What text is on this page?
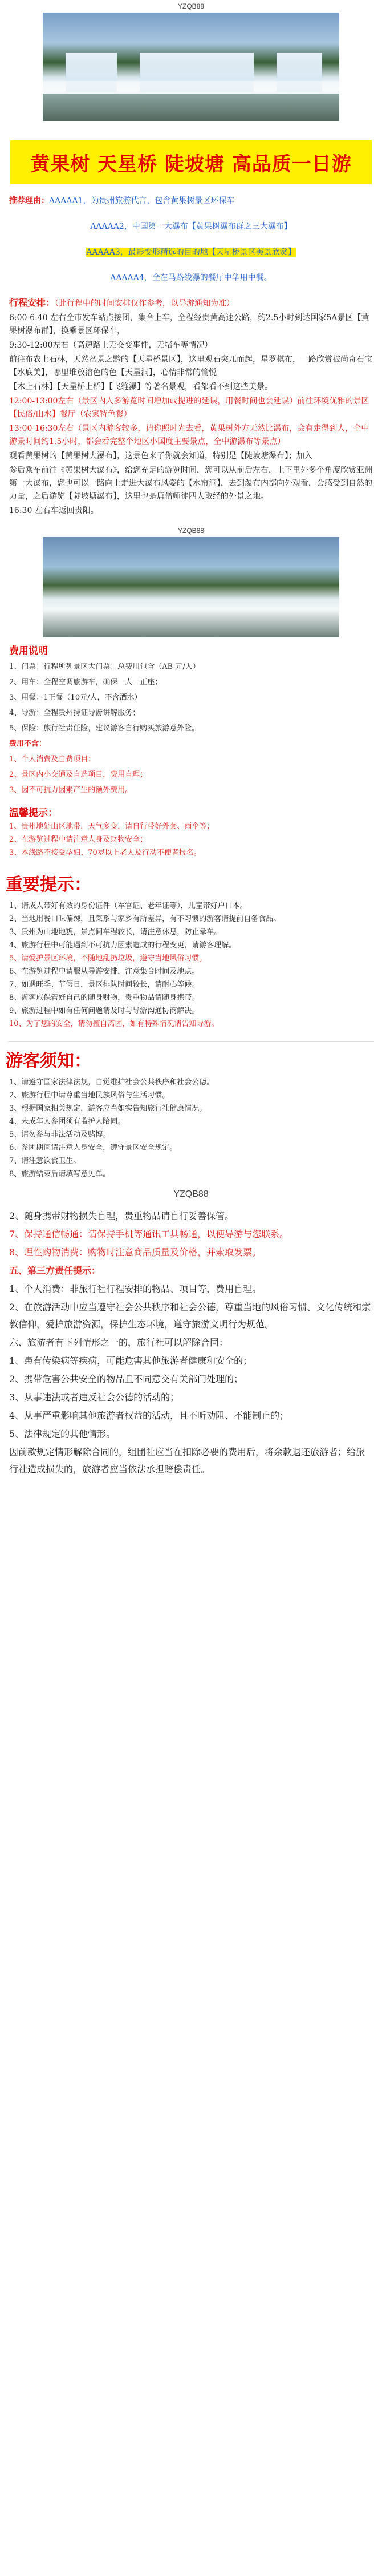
YZQB88
黄果树 天星桥 陡坡塘 高品质一日游
推荐理由：AAAAA1，为贵州旅游代言，包含黄果树景区环保车
AAAAA2，中国第一大瀑布【黄果树瀑布群之三大瀑布】
AAAAA3，最影变形精选的目的地【天星桥景区美景欣赏】
AAAAA4，全在马路线瀑的餐厅中华用中餐。
行程安排：（此行程中的时间安排仅作参考，以导游通知为准）
6:00-6:40 左右全市发车站点接团，集合上车，全程经贵黄高速公路，约2.5小时到达国家5A景区【黄果树瀑布群】，换乘景区环保车，
9:30-12:00左右（高速路上无交变事件，无堵车等情况）
前往布农上石林，天然盆景之黔的【天星桥景区】，这里观石突兀而起，星罗棋布，一路欣赏被尚奇石宝【水底美】，哪里堆放溶色的色【天星洞】，心情非常的愉悦
【木上石林】【天星桥上桥】【飞缝瀑】等著名景观，看都看不到这些美景。
12:00-13:00左右（景区内人多游览时间增加或提进的延误，用餐时间也会延误）前往环境优雅的景区【民俗/山水】餐厅（农家特色餐）
13:00-16:30左右（景区内游客较多，请你照时光去看，黄果树外方无然比瀑布，会有走得到人，全中游景时间约1.5小时，都会看完整个地区小国度主要景点，全中游瀑布等景点）
观看黄果树的【黄果树大瀑布】，这景色来了你就会知道，特别是【陡坡塘瀑布】；加入
参后乘车前往《黄果树大瀑布》，给您充足的游览时间，您可以从前后左右，上下里外多个角度欣赏亚洲第一大瀑布，您也可以一路向上走进大瀑布风姿的【水帘洞】，去到瀑布内部向外观看，会感受到自然的力量，之后游览【陡坡塘瀑布】，这里也是唐僧师徒四人取经的外景之地。
16:30 左右车返回贵阳。
YZQB88
费用说明
1、门票：行程所列景区大门票：总费用包含（AB 元/人）
2、用车：全程空调旅游车，确保一人一正座；
3、用餐：1正餐（10元/人，不含酒水）
4、导游：全程贵州持证导游讲解服务；
5、保险：旅行社责任险，建议游客自行购买旅游意外险。
费用不含：
1、个人消费及自费项目；
2、景区内小交通及自选项目，费用自理；
3、因不可抗力因素产生的额外费用。
温馨提示：
1、贵州地处山区地带，天气多变，请自行带好外套、雨伞等；
2、在游览过程中请注意人身及财物安全；
3、本线路不接受孕妇、70岁以上老人及行动不便者报名。
重要提示：
1、请成人带好有效的身份证件（军官证、老年证等），儿童带好户口本。
2、当地用餐口味偏辣，且菜系与家乡有所差异，有不习惯的游客请提前自备食品。
3、贵州为山地地貌，景点间车程较长，请注意休息，防止晕车。
4、旅游行程中可能遇到不可抗力因素造成的行程变更，请游客理解。
5、请爱护景区环境，不随地乱扔垃圾，遵守当地风俗习惯。
6、在游览过程中请服从导游安排，注意集合时间及地点。
7、如遇旺季、节假日，景区排队时间较长，请耐心等候。
8、游客应保管好自己的随身财物，贵重物品请随身携带。
9、旅游过程中如有任何问题请及时与导游沟通协商解决。
10、为了您的安全，请勿擅自离团，如有特殊情况请告知导游。
游客须知：
1、请遵守国家法律法规，自觉维护社会公共秩序和社会公德。
2、旅游行程中请尊重当地民族风俗与生活习惯。
3、根据国家相关规定，游客应当如实告知旅行社健康情况。
4、未成年人参团须有监护人陪同。
5、请勿参与非法活动及赌博。
6、参团期间请注意人身安全，遵守景区安全规定。
7、请注意饮食卫生。
8、旅游结束后请填写意见单。
YZQB88
2、随身携带财物损失自理，贵重物品请自行妥善保管。
7、保持通信畅通：请保持手机等通讯工具畅通，以便导游与您联系。
8、理性购物消费：购物时注意商品质量及价格，并索取发票。
五、第三方责任提示：
1、个人消费：非旅行社行程安排的物品、项目等，费用自理。
2、在旅游活动中应当遵守社会公共秩序和社会公德，尊重当地的风俗习惯、文化传统和宗教信仰，爱护旅游资源，保护生态环境，遵守旅游文明行为规范。
六、旅游者有下列情形之一的，旅行社可以解除合同：
1、患有传染病等疾病，可能危害其他旅游者健康和安全的；
2、携带危害公共安全的物品且不同意交有关部门处理的；
3、从事违法或者违反社会公德的活动的；
4、从事严重影响其他旅游者权益的活动，且不听劝阻、不能制止的；
5、法律规定的其他情形。
因前款规定情形解除合同的，组团社应当在扣除必要的费用后，将余款退还旅游者；给旅行社造成损失的，旅游者应当依法承担赔偿责任。
